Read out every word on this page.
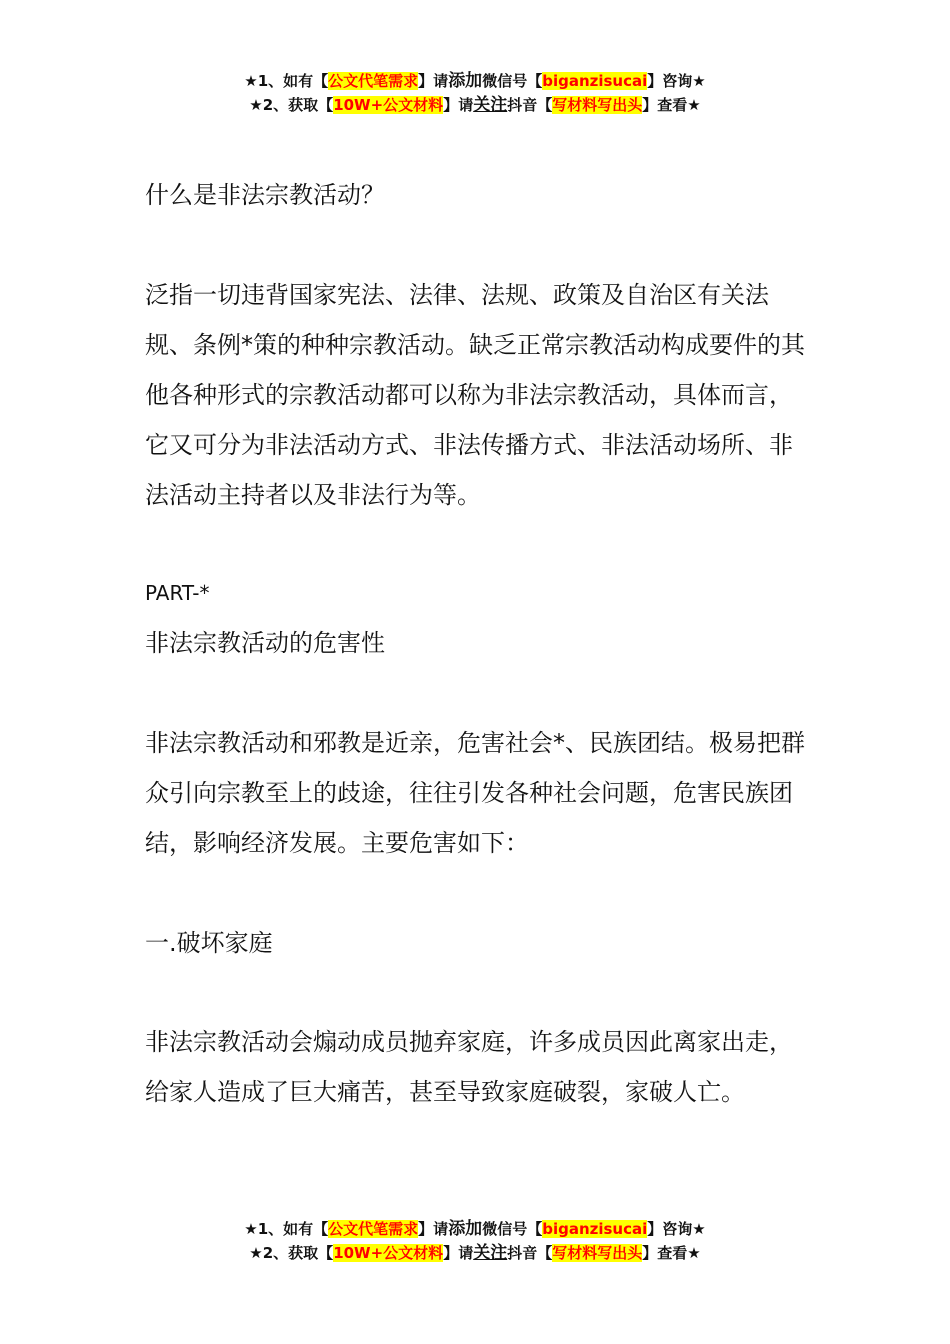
★1、如有【公文代笔需求】请添加微信号【biganzisucai】咨询★
★2、获取【10W+公文材料】请关注抖音【写材料写出头】查看★

什么是非法宗教活动？

泛指一切违背国家宪法、法律、法规、政策及自治区有关法规、条例*策的种种宗教活动。缺乏正常宗教活动构成要件的其他各种形式的宗教活动都可以称为非法宗教活动，具体而言，它又可分为非法活动方式、非法传播方式、非法活动场所、非法活动主持者以及非法行为等。

PART-*

非法宗教活动的危害性

非法宗教活动和邪教是近亲，危害社会*、民族团结。极易把群众引向宗教至上的歧途，往往引发各种社会问题，危害民族团结，影响经济发展。主要危害如下：

一.破坏家庭

非法宗教活动会煽动成员抛弃家庭，许多成员因此离家出走，给家人造成了巨大痛苦，甚至导致家庭破裂，家破人亡。

★1、如有【公文代笔需求】请添加微信号【biganzisucai】咨询★
★2、获取【10W+公文材料】请关注抖音【写材料写出头】查看★
